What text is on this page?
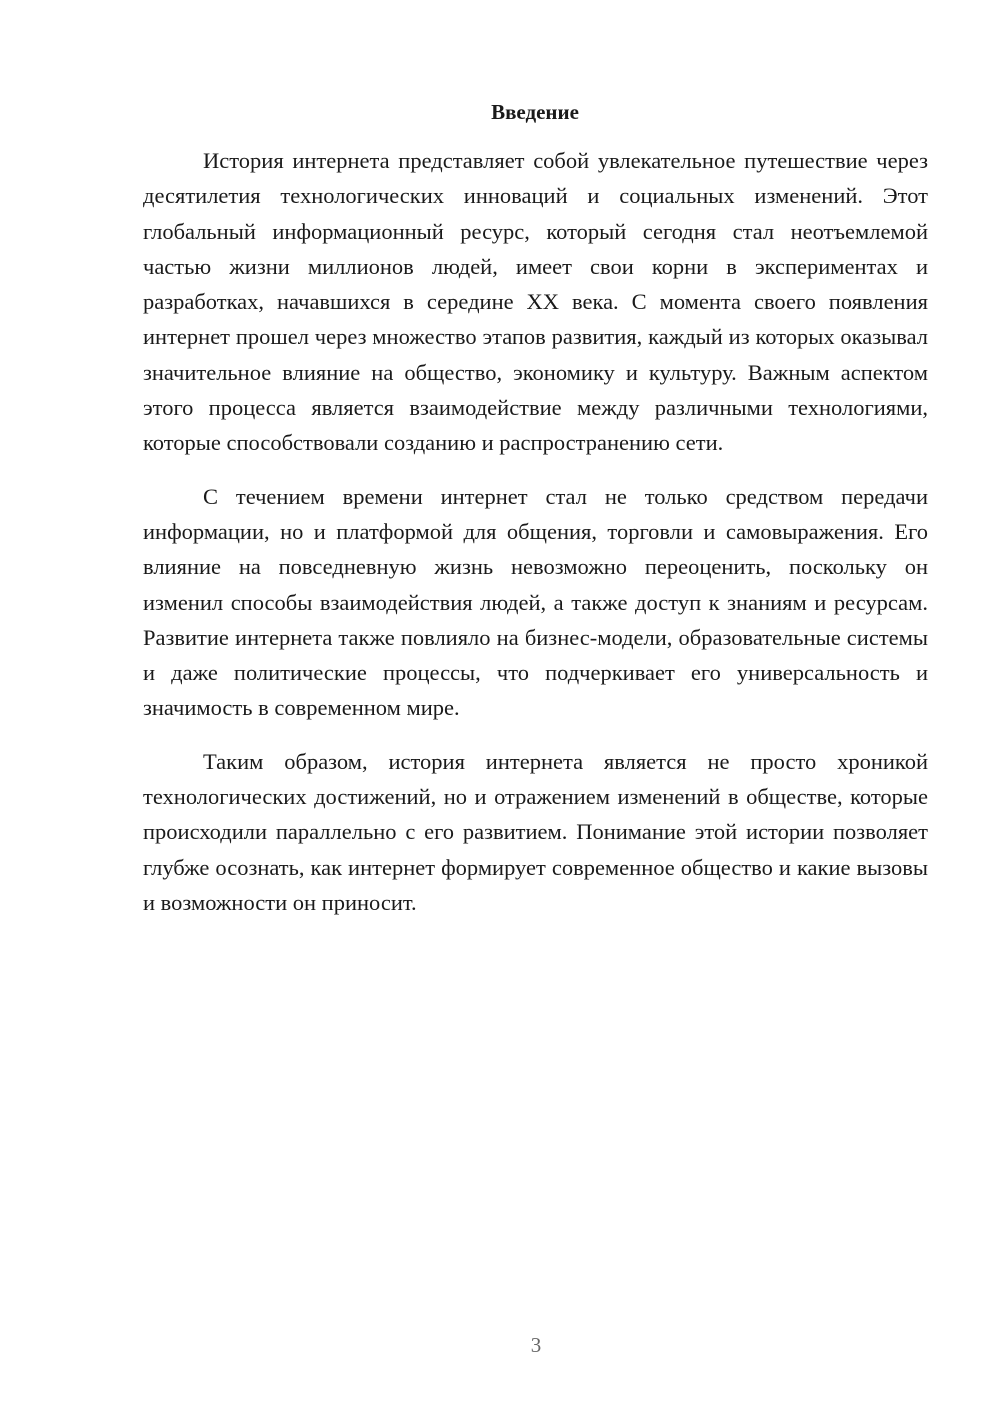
Введение

История интернета представляет собой увлекательное путешествие через десятилетия технологических инноваций и социальных изменений. Этот глобальный информационный ресурс, который сегодня стал неотъемлемой частью жизни миллионов людей, имеет свои корни в экспериментах и разработках, начавшихся в середине XX века. С момента своего появления интернет прошел через множество этапов развития, каждый из которых оказывал значительное влияние на общество, экономику и культуру. Важным аспектом этого процесса является взаимодействие между различными технологиями, которые способствовали созданию и распространению сети.

С течением времени интернет стал не только средством передачи информации, но и платформой для общения, торговли и самовыражения. Его влияние на повседневную жизнь невозможно переоценить, поскольку он изменил способы взаимодействия людей, а также доступ к знаниям и ресурсам. Развитие интернета также повлияло на бизнес-модели, образовательные системы и даже политические процессы, что подчеркивает его универсальность и значимость в современном мире.

Таким образом, история интернета является не просто хроникой технологических достижений, но и отражением изменений в обществе, которые происходили параллельно с его развитием. Понимание этой истории позволяет глубже осознать, как интернет формирует современное общество и какие вызовы и возможности он приносит.

3
